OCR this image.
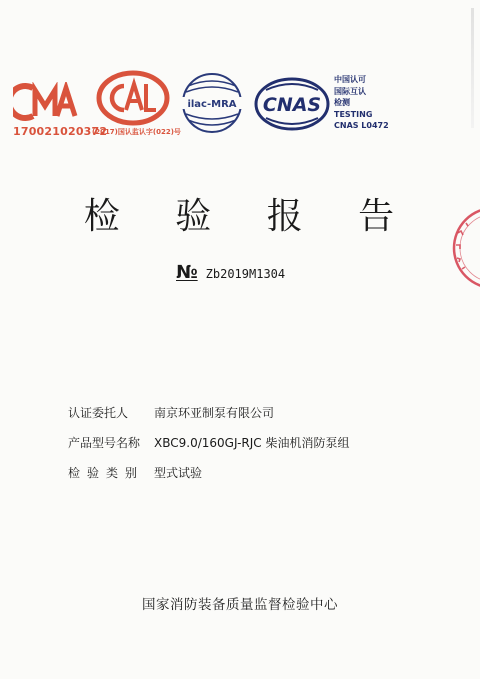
170021020372
(2017)国认监认字(022)号
ilac-MRA CNAS
中国认可
国际互认
检测
TESTING
CNAS L0472
检 验 报 告
№ Zb2019M1304
认证委托人 南京环亚制泵有限公司
产品型号名称 XBC9.0/160GJ-RJC 柴油机消防泵组
检验类别 型式试验
国家消防装备质量监督检验中心
